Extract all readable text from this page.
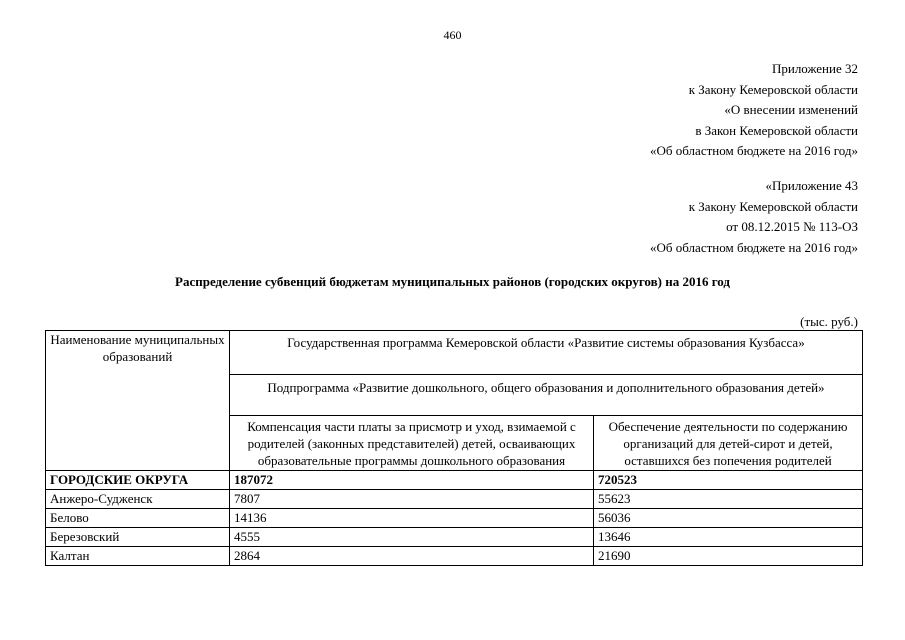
460
Приложение 32
к Закону Кемеровской области
«О внесении изменений
в Закон Кемеровской области
«Об областном бюджете на 2016 год»
«Приложение 43
к Закону Кемеровской области
от 08.12.2015 № 113-ОЗ
«Об областном бюджете на 2016 год»
Распределение субвенций бюджетам муниципальных районов (городских округов) на 2016 год
(тыс. руб.)
Наименование муниципальных образований	Государственная программа Кемеровской области «Развитие системы образования Кузбасса»	
	Подпрограмма «Развитие дошкольного, общего образования и дополнительного образования детей»	
	Компенсация части платы за присмотр и уход, взимаемой с родителей (законных представителей) детей, осваивающих образовательные программы дошкольного образования	Обеспечение деятельности по содержанию организаций для детей-сирот и детей, оставшихся без попечения родителей
ГОРОДСКИЕ ОКРУГА	187072	720523
Анжеро-Судженск	7807	55623
Белово	14136	56036
Березовский	4555	13646
Калтан	2864	21690
